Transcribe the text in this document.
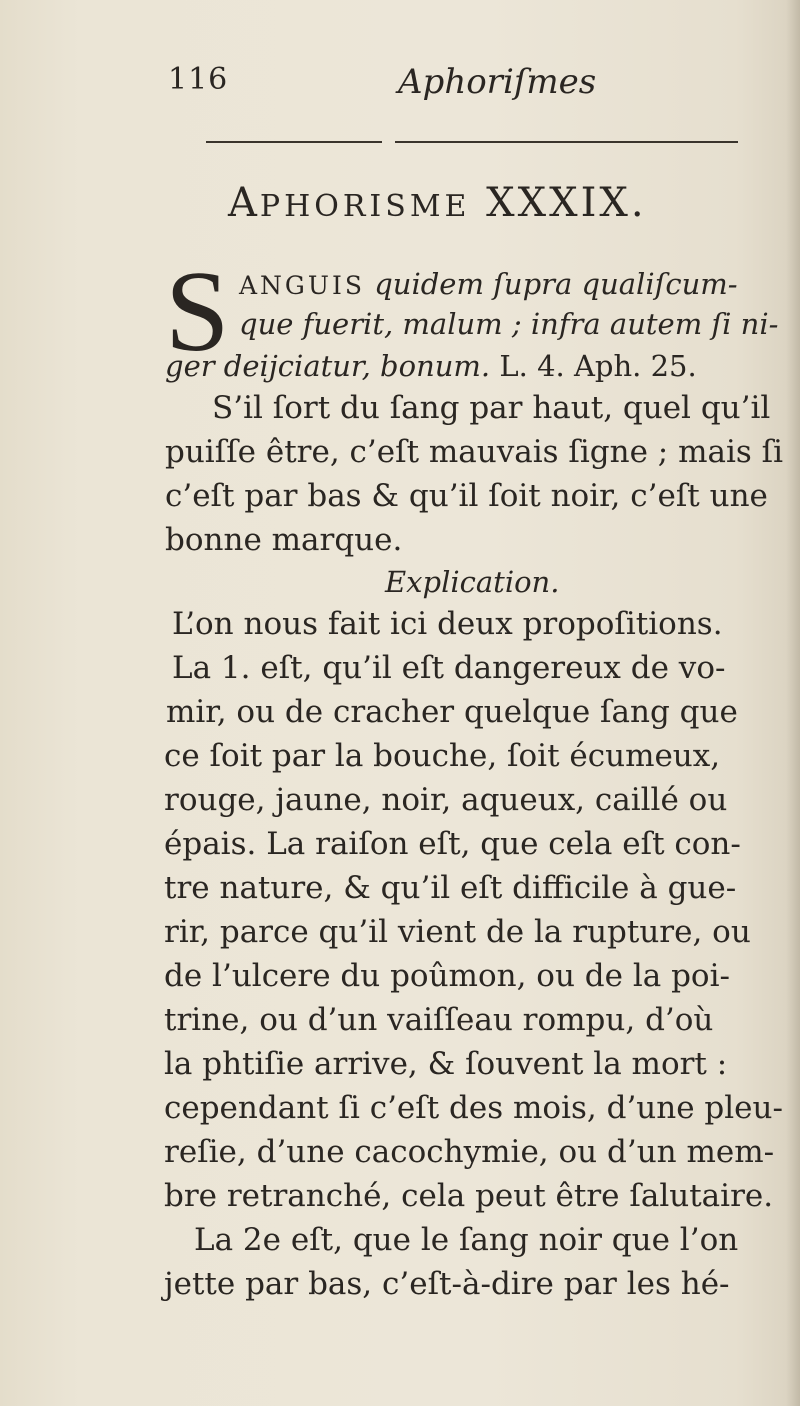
116	Aphoriſmes
APHORISME XXXIX.
S ANGUIS quidem ſupra qualiſcum-
que fuerit, malum ; infra autem ſi ni-
ger deijciatur, bonum. L. 4. Aph. 25.
S’il ſort du ſang par haut, quel qu’il
puiſſe être, c’eſt mauvais ſigne ; mais ſi
c’eſt par bas & qu’il ſoit noir, c’eſt une
bonne marque.
Explication.
L’on nous fait ici deux propoſitions.
La 1. eſt, qu’il eſt dangereux de vo-
mir, ou de cracher quelque ſang que
ce ſoit par la bouche, ſoit écumeux,
rouge, jaune, noir, aqueux, caillé ou
épais. La raiſon eſt, que cela eſt con-
tre nature, & qu’il eſt difficile à gue-
rir, parce qu’il vient de la rupture, ou
de l’ulcere du poûmon, ou de la poi-
trine, ou d’un vaiſſeau rompu, d’où
la phtiſie arrive, & ſouvent la mort :
cependant ſi c’eſt des mois, d’une pleu-
reſie, d’une cacochymie, ou d’un mem-
bre retranché, cela peut être ſalutaire.
La 2e eſt, que le ſang noir que l’on
jette par bas, c’eſt-à-dire par les hé-
